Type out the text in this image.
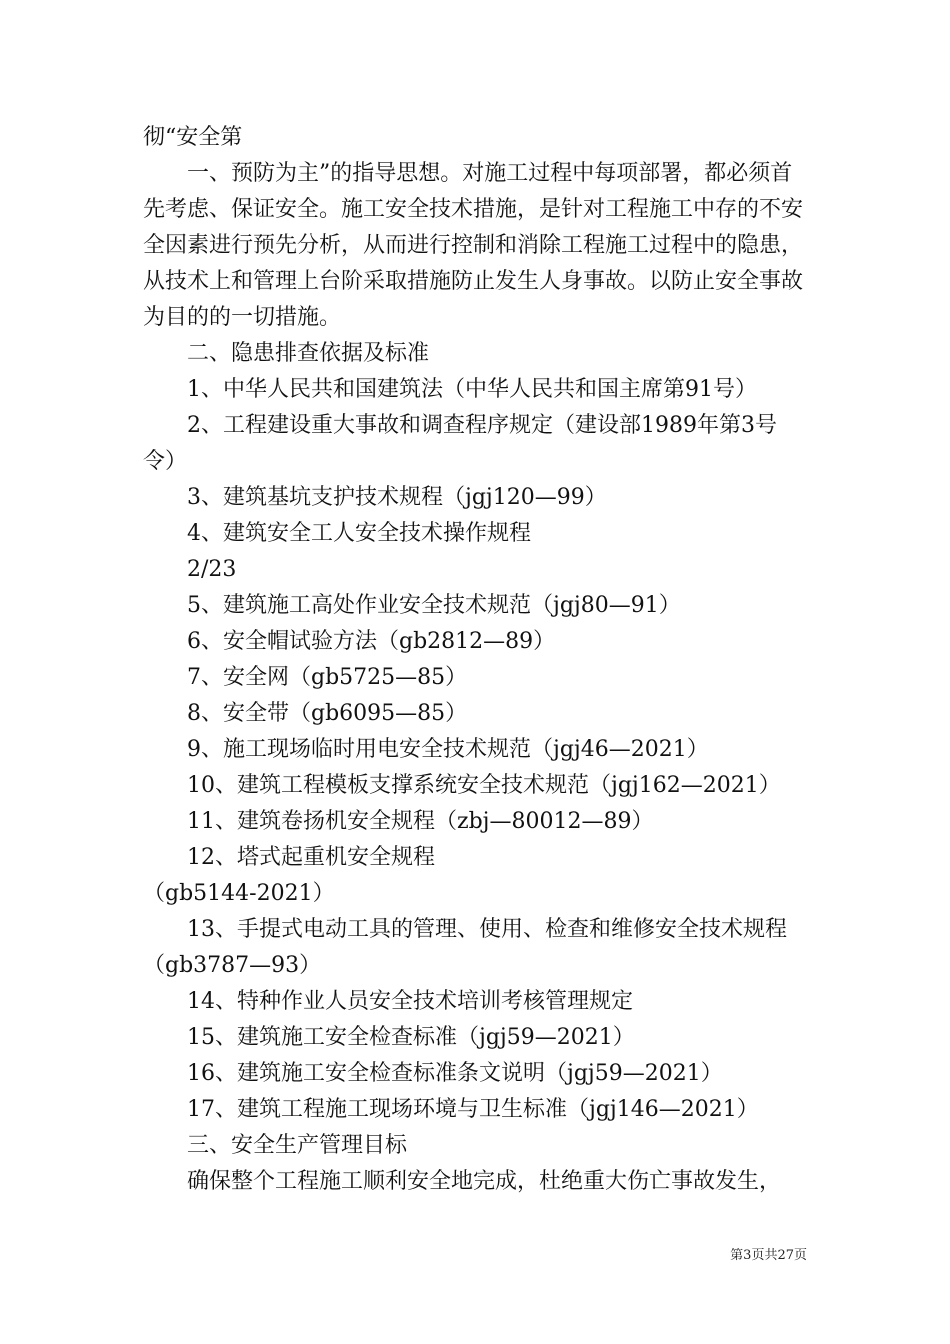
彻“安全第

一、预防为主”的指导思想。对施工过程中每项部署，都必须首先考虑、保证安全。施工安全技术措施，是针对工程施工中存的不安全因素进行预先分析，从而进行控制和消除工程施工过程中的隐患，从技术上和管理上台阶采取措施防止发生人身事故。以防止安全事故为目的的一切措施。

二、隐患排查依据及标准

1、中华人民共和国建筑法（中华人民共和国主席第91号）

2、工程建设重大事故和调查程序规定（建设部1989年第3号令）

3、建筑基坑支护技术规程（jgj120—99）

4、建筑安全工人安全技术操作规程

2/23

5、建筑施工高处作业安全技术规范（jgj80—91）

6、安全帽试验方法（gb2812—89）

7、安全网（gb5725—85）

8、安全带（gb6095—85）

9、施工现场临时用电安全技术规范（jgj46—2021）

10、建筑工程模板支撑系统安全技术规范（jgj162—2021）

11、建筑卷扬机安全规程（zbj—80012—89）

12、塔式起重机安全规程

（gb5144-2021）

13、手提式电动工具的管理、使用、检查和维修安全技术规程（gb3787—93）

14、特种作业人员安全技术培训考核管理规定

15、建筑施工安全检查标准（jgj59—2021）

16、建筑施工安全检查标准条文说明（jgj59—2021）

17、建筑工程施工现场环境与卫生标准（jgj146—2021）

三、安全生产管理目标

确保整个工程施工顺利安全地完成，杜绝重大伤亡事故发生，

第3页共27页
